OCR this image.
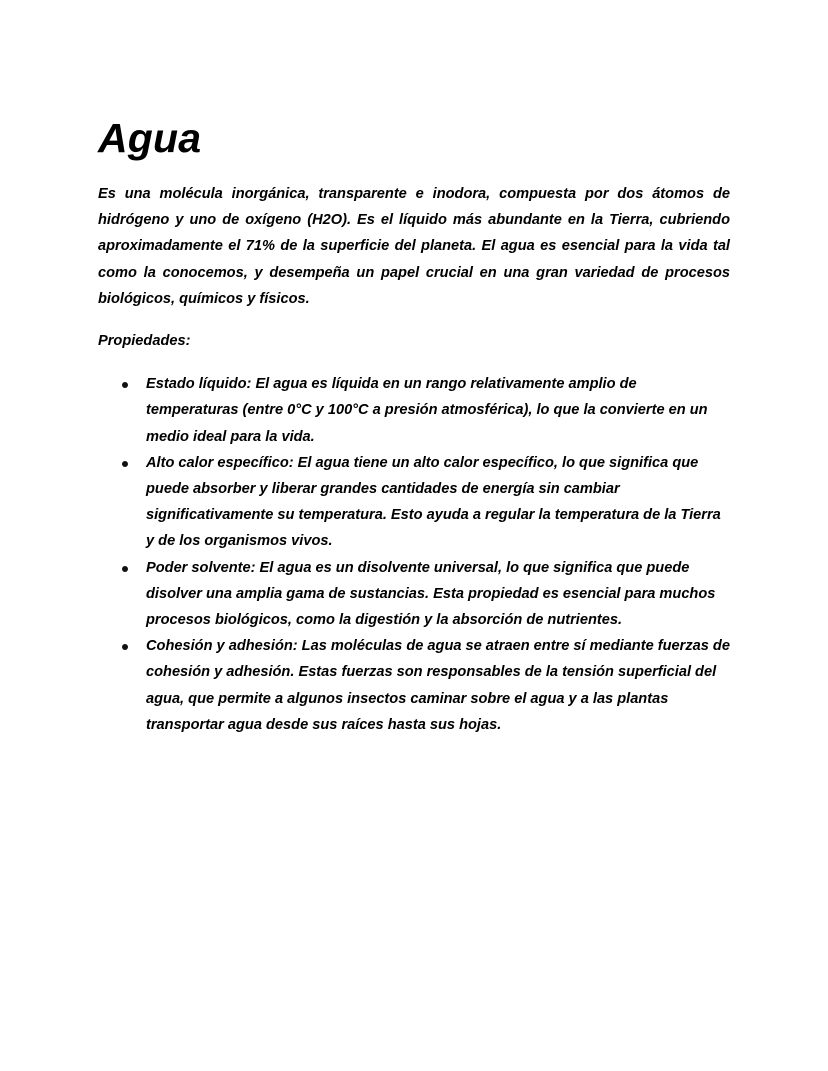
Agua

Es una molécula inorgánica, transparente e inodora, compuesta por dos átomos de hidrógeno y uno de oxígeno (H2O). Es el líquido más abundante en la Tierra, cubriendo aproximadamente el 71% de la superficie del planeta. El agua es esencial para la vida tal como la conocemos, y desempeña un papel crucial en una gran variedad de procesos biológicos, químicos y físicos.

Propiedades:

Estado líquido: El agua es líquida en un rango relativamente amplio de temperaturas (entre 0°C y 100°C a presión atmosférica), lo que la convierte en un medio ideal para la vida.
Alto calor específico: El agua tiene un alto calor específico, lo que significa que puede absorber y liberar grandes cantidades de energía sin cambiar significativamente su temperatura. Esto ayuda a regular la temperatura de la Tierra y de los organismos vivos.
Poder solvente: El agua es un disolvente universal, lo que significa que puede disolver una amplia gama de sustancias. Esta propiedad es esencial para muchos procesos biológicos, como la digestión y la absorción de nutrientes.
Cohesión y adhesión: Las moléculas de agua se atraen entre sí mediante fuerzas de cohesión y adhesión. Estas fuerzas son responsables de la tensión superficial del agua, que permite a algunos insectos caminar sobre el agua y a las plantas transportar agua desde sus raíces hasta sus hojas.
